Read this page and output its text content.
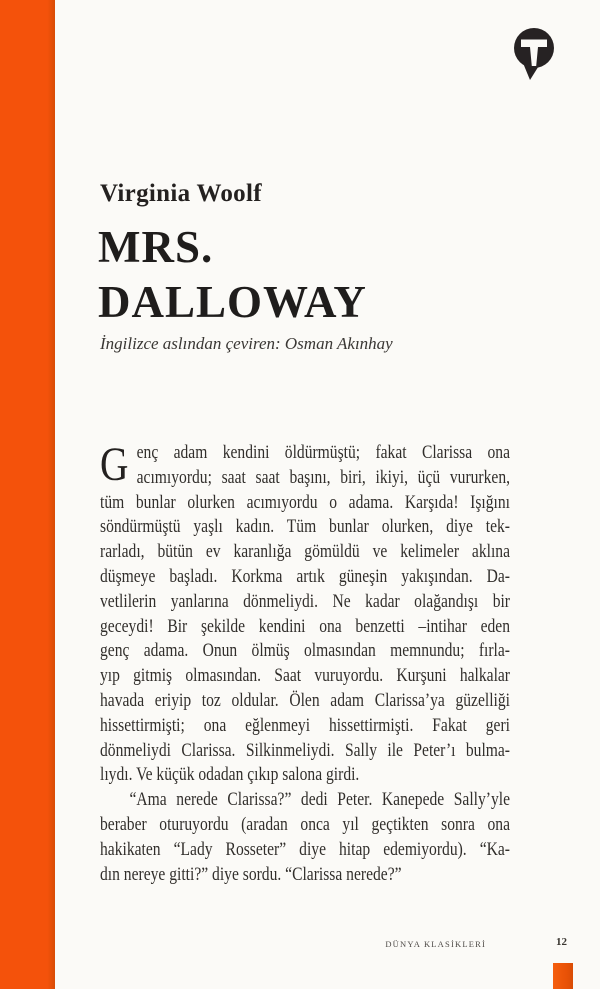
Virginia Woolf
MRS.
DALLOWAY
İngilizce aslından çeviren: Osman Akınhay
Genç adam kendini öldürmüştü; fakat Clarissa ona
acımıyordu; saat saat başını, biri, ikiyi, üçü vururken,
tüm bunlar olurken acımıyordu o adama. Karşıda! Işığını
söndürmüştü yaşlı kadın. Tüm bunlar olurken, diye tek-
rarladı, bütün ev karanlığa gömüldü ve kelimeler aklına
düşmeye başladı. Korkma artık güneşin yakışından. Da-
vetlilerin yanlarına dönmeliydi. Ne kadar olağandışı bir
geceydi! Bir şekilde kendini ona benzetti –intihar eden
genç adama. Onun ölmüş olmasından memnundu; fırla-
yıp gitmiş olmasından. Saat vuruyordu. Kurşuni halkalar
havada eriyip toz oldular. Ölen adam Clarissa’ya güzelliği
hissettirmişti; ona eğlenmeyi hissettirmişti. Fakat geri
dönmeliydi Clarissa. Silkinmeliydi. Sally ile Peter’ı bulma-
lıydı. Ve küçük odadan çıkıp salona girdi.
“Ama nerede Clarissa?” dedi Peter. Kanepede Sally’yle
beraber oturuyordu (aradan onca yıl geçtikten sonra ona
hakikaten “Lady Rosseter” diye hitap edemiyordu). “Ka-
dın nereye gitti?” diye sordu. “Clarissa nerede?”
DÜNYA KLASİKLERİ	12
